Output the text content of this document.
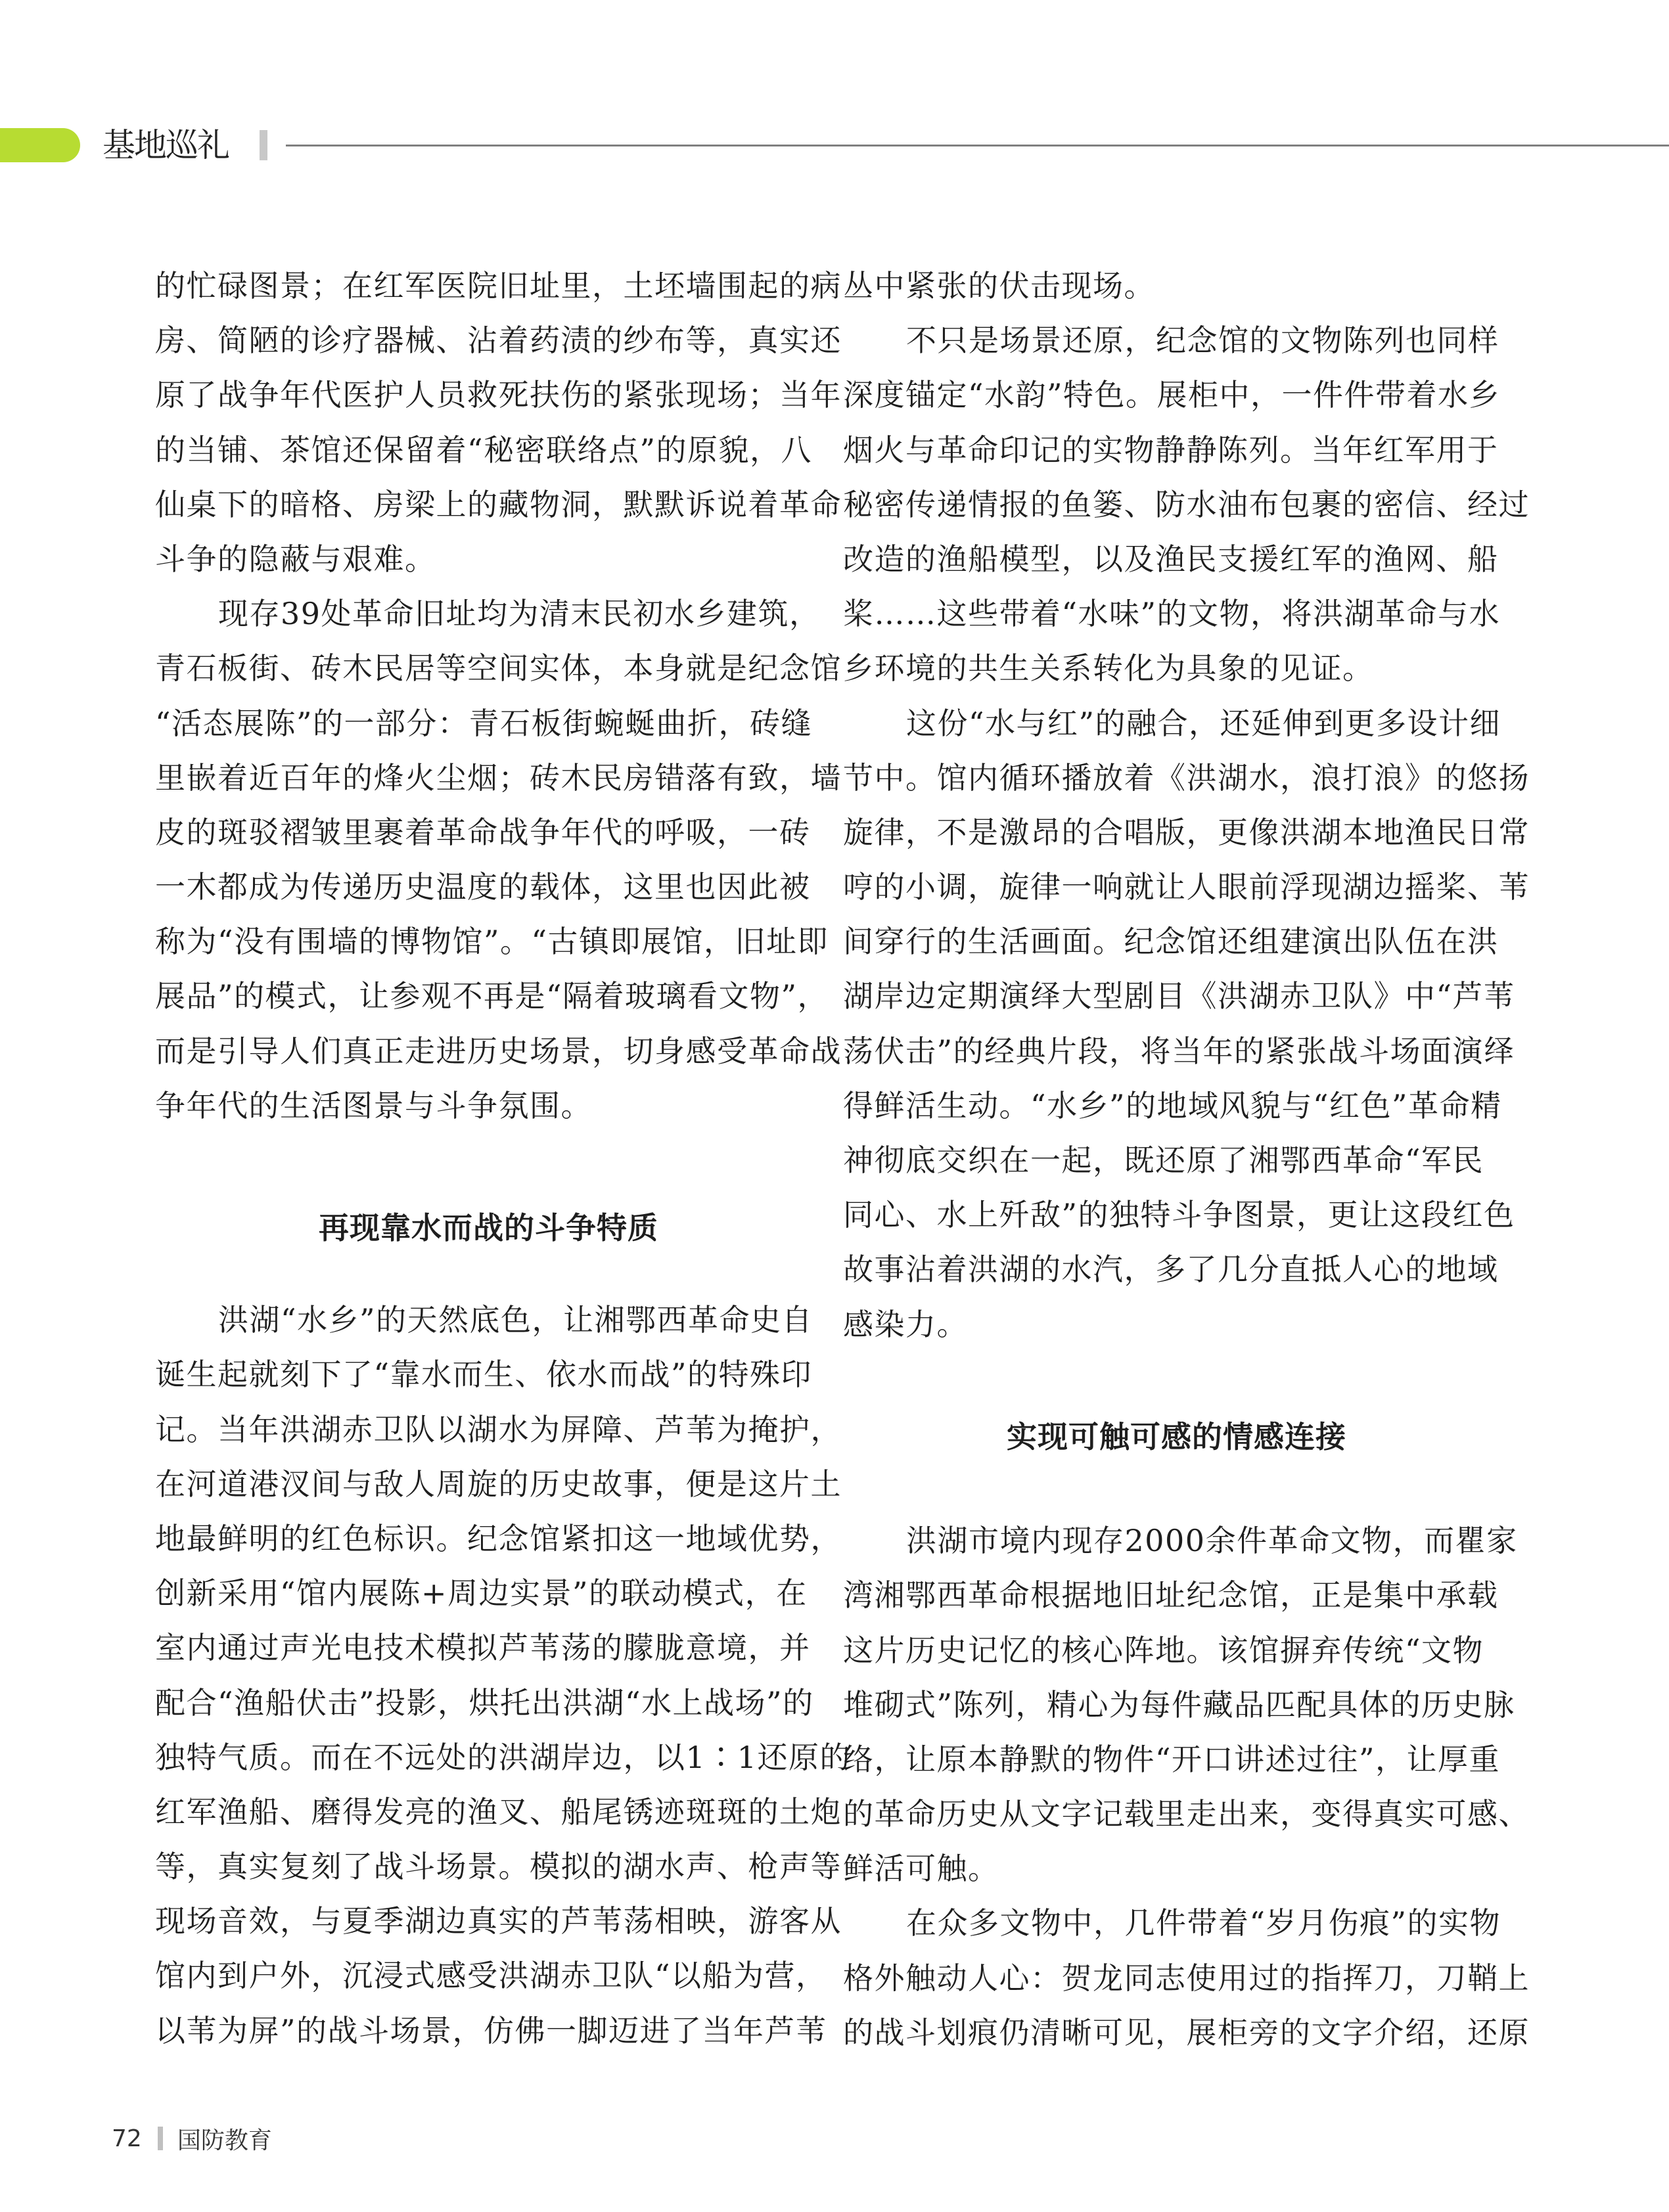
基地巡礼
的忙碌图景；在红军医院旧址里，土坯墙围起的病
房、简陋的诊疗器械、沾着药渍的纱布等，真实还
原了战争年代医护人员救死扶伤的紧张现场；当年
的当铺、茶馆还保留着“秘密联络点”的原貌，八
仙桌下的暗格、房梁上的藏物洞，默默诉说着革命
斗争的隐蔽与艰难。
现存39处革命旧址均为清末民初水乡建筑，
青石板街、砖木民居等空间实体，本身就是纪念馆
“活态展陈”的一部分：青石板街蜿蜒曲折，砖缝
里嵌着近百年的烽火尘烟；砖木民房错落有致，墙
皮的斑驳褶皱里裹着革命战争年代的呼吸，一砖
一木都成为传递历史温度的载体，这里也因此被
称为“没有围墙的博物馆”。“古镇即展馆，旧址即
展品”的模式，让参观不再是“隔着玻璃看文物”，
而是引导人们真正走进历史场景，切身感受革命战
争年代的生活图景与斗争氛围。
再现靠水而战的斗争特质
洪湖“水乡”的天然底色，让湘鄂西革命史自
诞生起就刻下了“靠水而生、依水而战”的特殊印
记。当年洪湖赤卫队以湖水为屏障、芦苇为掩护，
在河道港汊间与敌人周旋的历史故事，便是这片土
地最鲜明的红色标识。纪念馆紧扣这一地域优势，
创新采用“馆内展陈+周边实景”的联动模式，在
室内通过声光电技术模拟芦苇荡的朦胧意境，并
配合“渔船伏击”投影，烘托出洪湖“水上战场”的
独特气质。而在不远处的洪湖岸边，以1∶1还原的
红军渔船、磨得发亮的渔叉、船尾锈迹斑斑的土炮
等，真实复刻了战斗场景。模拟的湖水声、枪声等
现场音效，与夏季湖边真实的芦苇荡相映，游客从
馆内到户外，沉浸式感受洪湖赤卫队“以船为营，
以苇为屏”的战斗场景，仿佛一脚迈进了当年芦苇
丛中紧张的伏击现场。
不只是场景还原，纪念馆的文物陈列也同样
深度锚定“水韵”特色。展柜中，一件件带着水乡
烟火与革命印记的实物静静陈列。当年红军用于
秘密传递情报的鱼篓、防水油布包裹的密信、经过
改造的渔船模型，以及渔民支援红军的渔网、船
桨……这些带着“水味”的文物，将洪湖革命与水
乡环境的共生关系转化为具象的见证。
这份“水与红”的融合，还延伸到更多设计细
节中。馆内循环播放着《洪湖水，浪打浪》的悠扬
旋律，不是激昂的合唱版，更像洪湖本地渔民日常
哼的小调，旋律一响就让人眼前浮现湖边摇桨、苇
间穿行的生活画面。纪念馆还组建演出队伍在洪
湖岸边定期演绎大型剧目《洪湖赤卫队》中“芦苇
荡伏击”的经典片段，将当年的紧张战斗场面演绎
得鲜活生动。“水乡”的地域风貌与“红色”革命精
神彻底交织在一起，既还原了湘鄂西革命“军民
同心、水上歼敌”的独特斗争图景，更让这段红色
故事沾着洪湖的水汽，多了几分直抵人心的地域
感染力。
实现可触可感的情感连接
洪湖市境内现存2000余件革命文物，而瞿家
湾湘鄂西革命根据地旧址纪念馆，正是集中承载
这片历史记忆的核心阵地。该馆摒弃传统“文物
堆砌式”陈列，精心为每件藏品匹配具体的历史脉
络，让原本静默的物件“开口讲述过往”，让厚重
的革命历史从文字记载里走出来，变得真实可感、
鲜活可触。
在众多文物中，几件带着“岁月伤痕”的实物
格外触动人心：贺龙同志使用过的指挥刀，刀鞘上
的战斗划痕仍清晰可见，展柜旁的文字介绍，还原
72 国防教育
